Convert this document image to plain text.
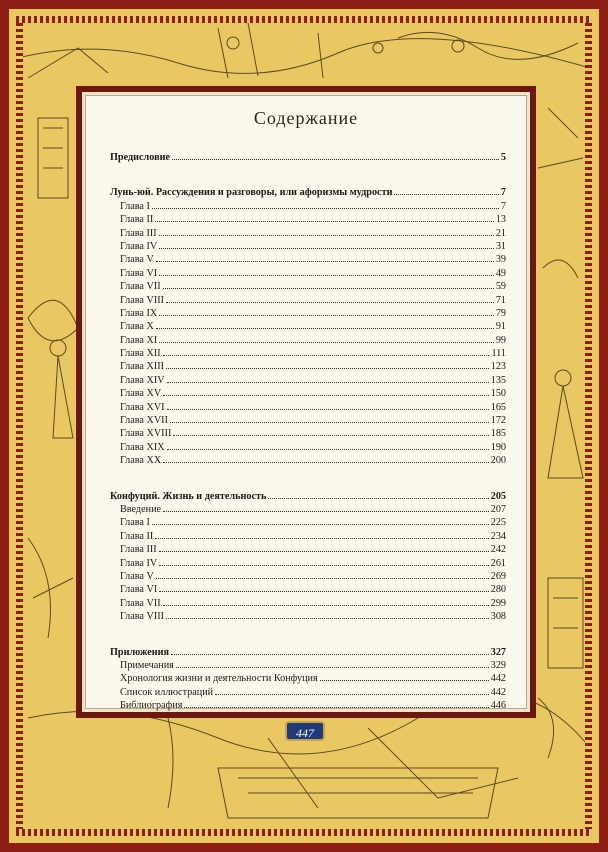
Содержание
Предисловие	5
Лунь-юй. Рассуждения и разговоры, или афоризмы мудрости	7
Глава I	7
Глава II	13
Глава III	21
Глава IV	31
Глава V	39
Глава VI	49
Глава VII	59
Глава VIII	71
Глава IX	79
Глава X	91
Глава XI	99
Глава XII	111
Глава XIII	123
Глава XIV	135
Глава XV	150
Глава XVI	165
Глава XVII	172
Глава XVIII	185
Глава XIX	190
Глава XX	200
Конфуций. Жизнь и деятельность	205
Введение	207
Глава I	225
Глава II	234
Глава III	242
Глава IV	261
Глава V	269
Глава VI	280
Глава VII	299
Глава VIII	308
Приложения	327
Примечания	329
Хронология жизни и деятельности Конфуция	442
Список иллюстраций	442
Библиография	446
447
